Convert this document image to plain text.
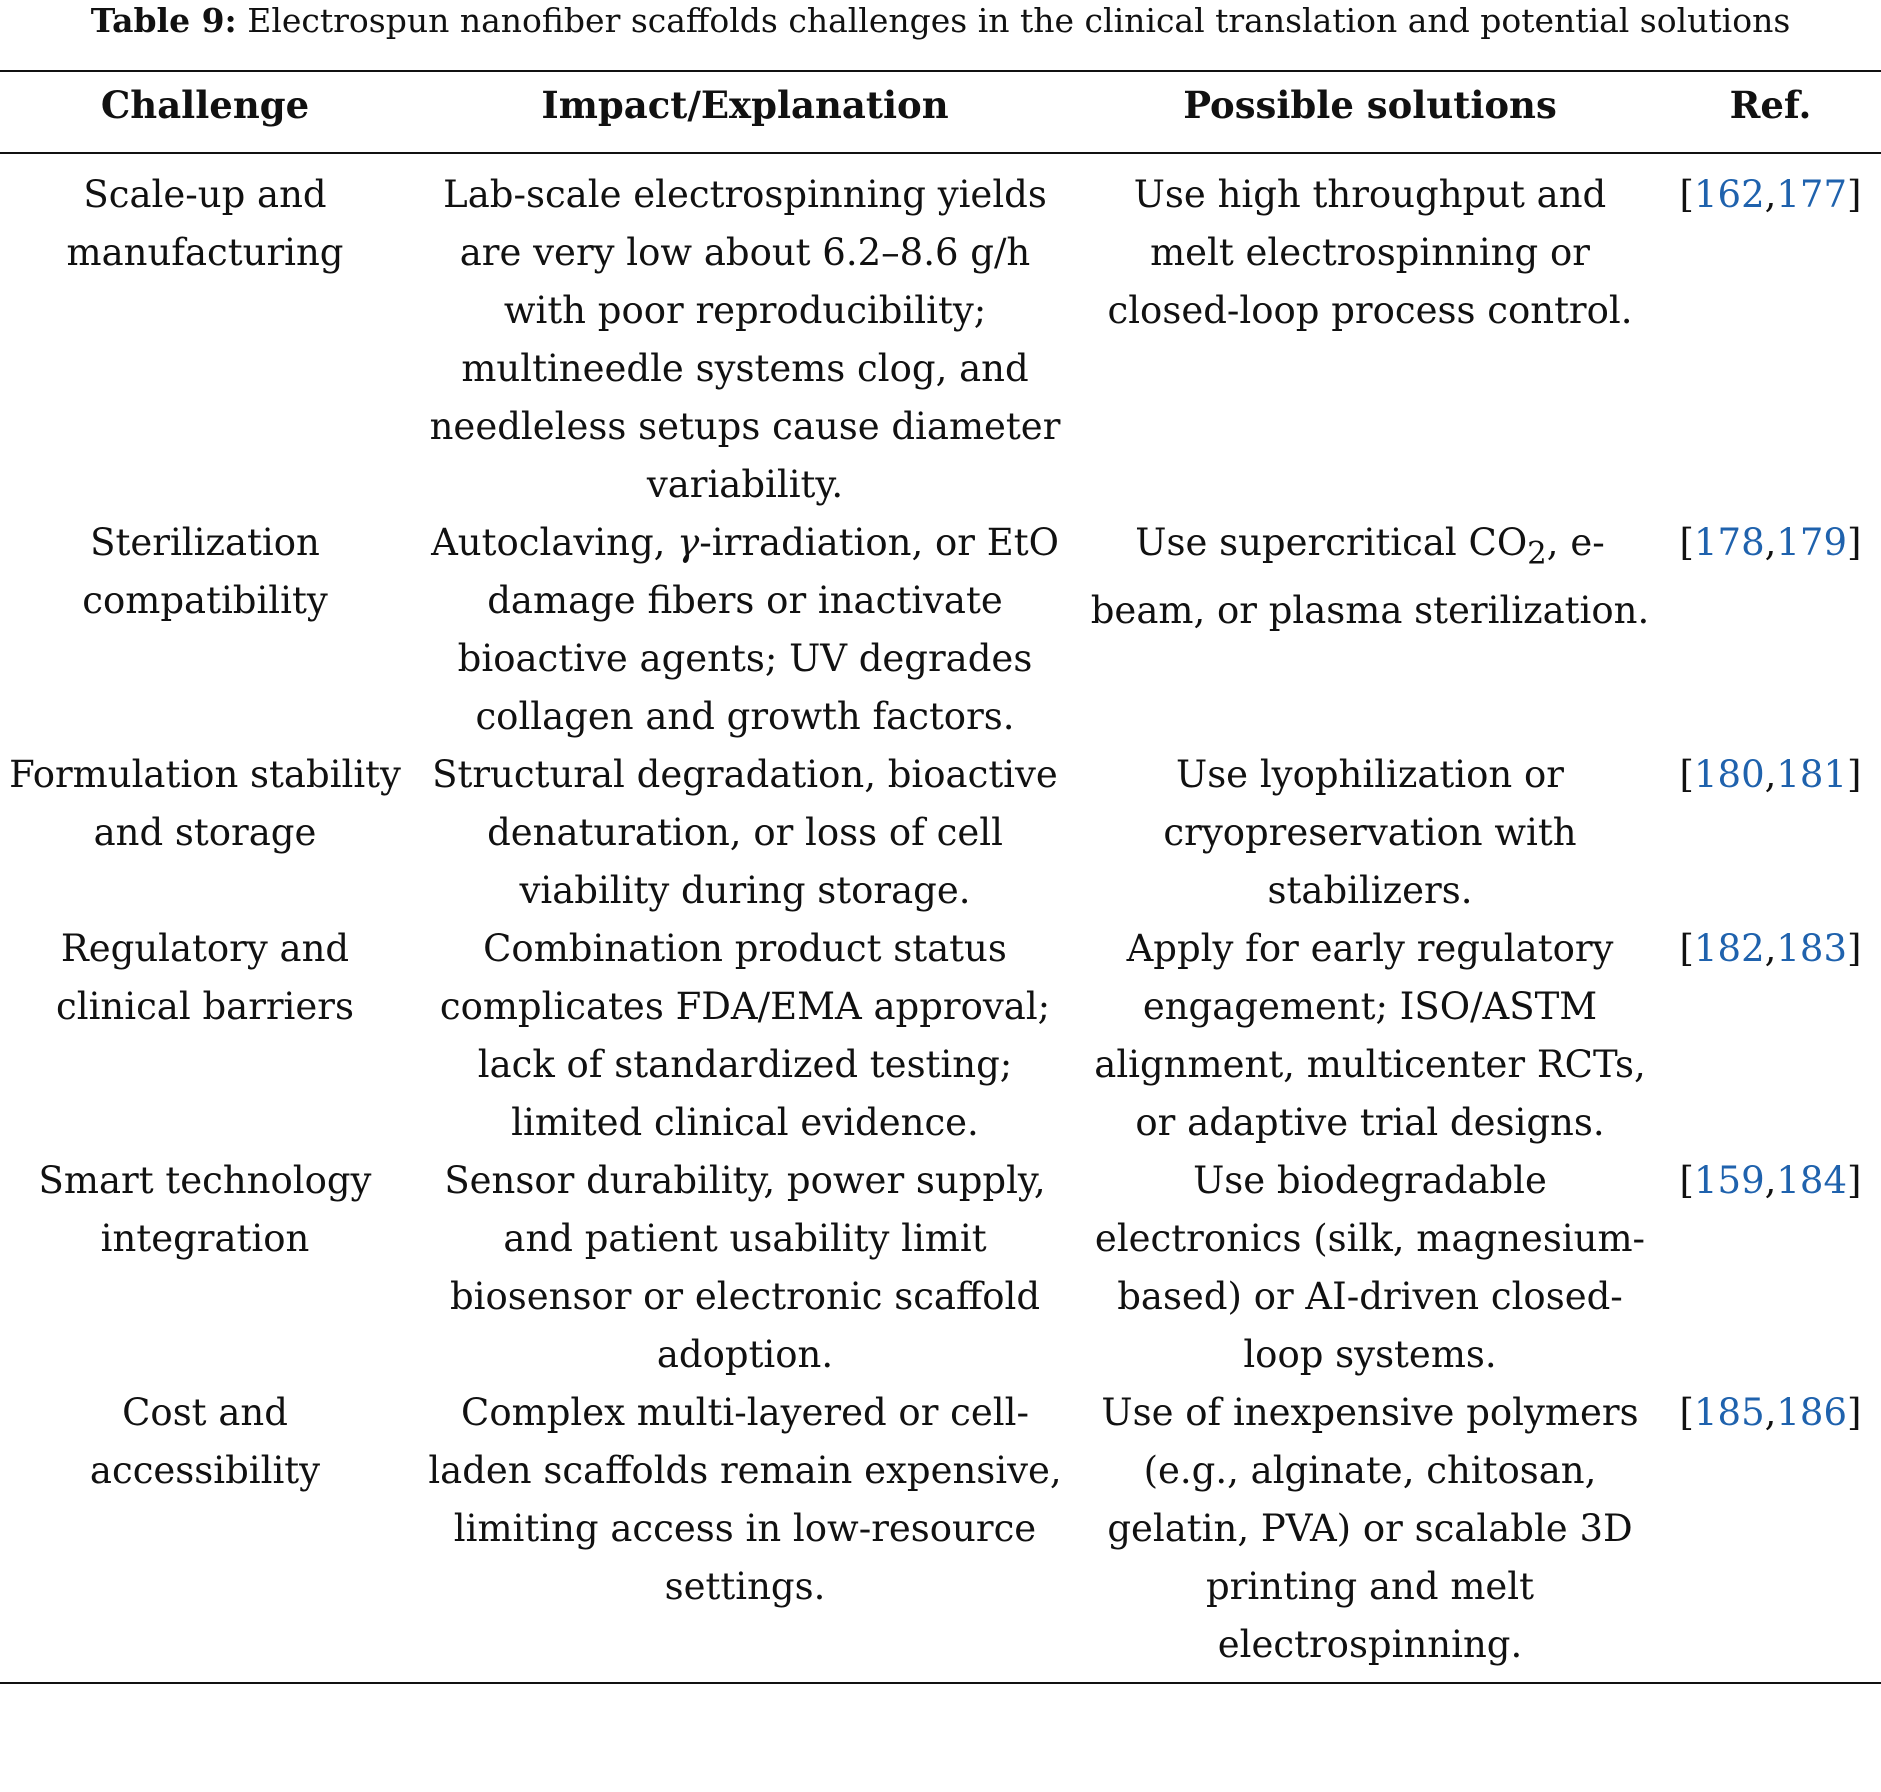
Table 9: Electrospun nanofiber scaffolds challenges in the clinical translation and potential solutions
Challenge	Impact/Explanation	Possible solutions	Ref.
Scale-up and manufacturing	Lab-scale electrospinning yields are very low about 6.2–8.6 g/h with poor reproducibility; multineedle systems clog, and needleless setups cause diameter variability.	Use high throughput and melt electrospinning or closed-loop process control.	[162,177]
Sterilization compatibility	Autoclaving, γ-irradiation, or EtO damage fibers or inactivate bioactive agents; UV degrades collagen and growth factors.	Use supercritical $CO_2$, e-beam, or plasma sterilization.	[178,179]
Formulation stability and storage	Structural degradation, bioactive denaturation, or loss of cell viability during storage.	Use lyophilization or cryopreservation with stabilizers.	[180,181]
Regulatory and clinical barriers	Combination product status complicates FDA/EMA approval; lack of standardized testing; limited clinical evidence.	Apply for early regulatory engagement; ISO/ASTM alignment, multicenter RCTs, or adaptive trial designs.	[182,183]
Smart technology integration	Sensor durability, power supply, and patient usability limit biosensor or electronic scaffold adoption.	Use biodegradable electronics (silk, magnesium-based) or AI-driven closed-loop systems.	[159,184]
Cost and accessibility	Complex multi-layered or cell-laden scaffolds remain expensive, limiting access in low-resource settings.	Use of inexpensive polymers (e.g., alginate, chitosan, gelatin, PVA) or scalable 3D printing and melt electrospinning.	[185,186]
